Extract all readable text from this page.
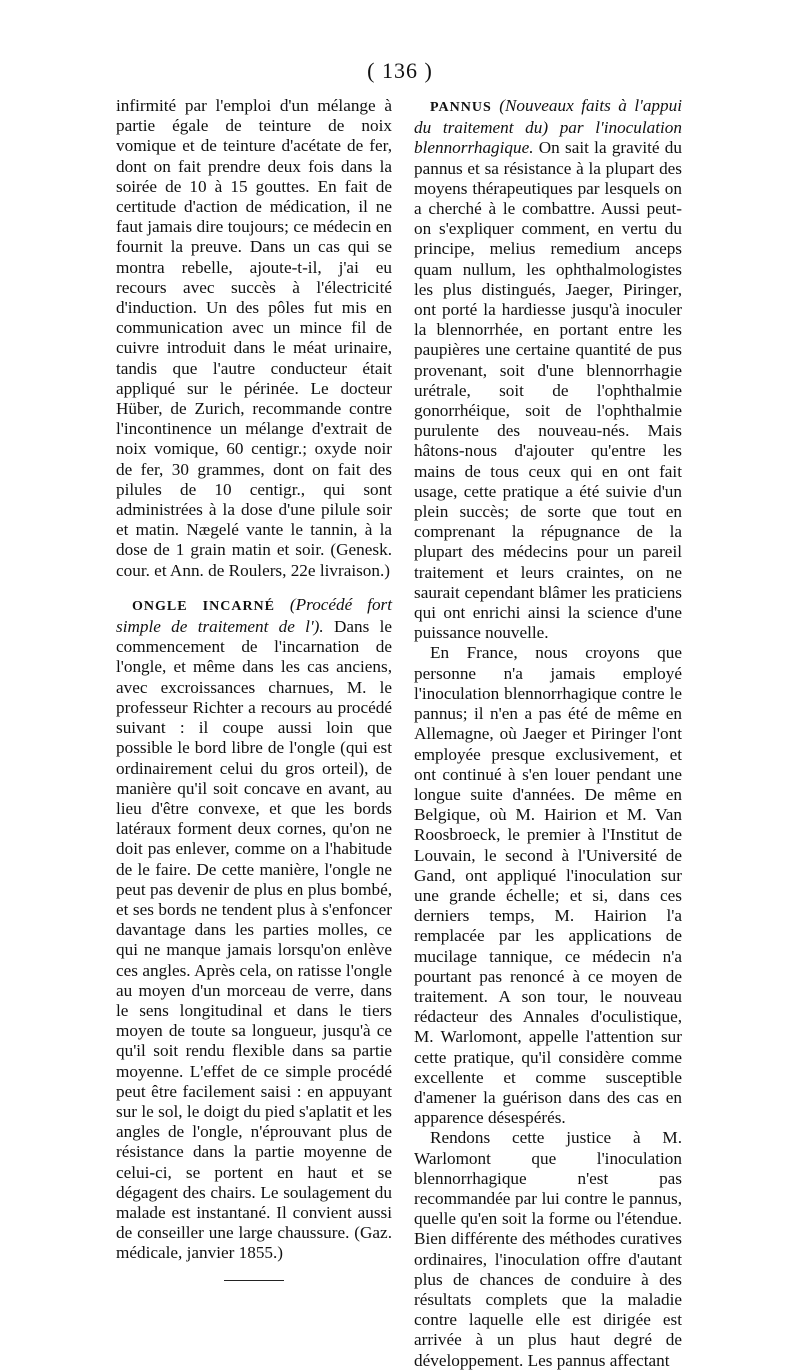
( 136 )

infirmité par l'emploi d'un mélange à partie égale de teinture de noix vomique et de teinture d'acétate de fer, dont on fait prendre deux fois dans la soirée de 10 à 15 gouttes. En fait de certitude d'action de médication, il ne faut jamais dire toujours; ce médecin en fournit la preuve. Dans un cas qui se montra rebelle, ajoute-t-il, j'ai eu recours avec succès à l'électricité d'induction. Un des pôles fut mis en communication avec un mince fil de cuivre introduit dans le méat urinaire, tandis que l'autre conducteur était appliqué sur le périnée. Le docteur Hüber, de Zurich, recommande contre l'incontinence un mélange d'extrait de noix vomique, 60 centigr.; oxyde noir de fer, 30 grammes, dont on fait des pilules de 10 centigr., qui sont administrées à la dose d'une pilule soir et matin. Nægelé vante le tannin, à la dose de 1 grain matin et soir. (Genesk. cour. et Ann. de Roulers, 22e livraison.)

ONGLE INCARNÉ (Procédé fort simple de traitement de l'). Dans le commencement de l'incarnation de l'ongle, et même dans les cas anciens, avec excroissances charnues, M. le professeur Richter a recours au procédé suivant : il coupe aussi loin que possible le bord libre de l'ongle (qui est ordinairement celui du gros orteil), de manière qu'il soit concave en avant, au lieu d'être convexe, et que les bords latéraux forment deux cornes, qu'on ne doit pas enlever, comme on a l'habitude de le faire. De cette manière, l'ongle ne peut pas devenir de plus en plus bombé, et ses bords ne tendent plus à s'enfoncer davantage dans les parties molles, ce qui ne manque jamais lorsqu'on enlève ces angles. Après cela, on ratisse l'ongle au moyen d'un morceau de verre, dans le sens longitudinal et dans le tiers moyen de toute sa longueur, jusqu'à ce qu'il soit rendu flexible dans sa partie moyenne. L'effet de ce simple procédé peut être facilement saisi : en appuyant sur le sol, le doigt du pied s'aplatit et les angles de l'ongle, n'éprouvant plus de résistance dans la partie moyenne de celui-ci, se portent en haut et se dégagent des chairs. Le soulagement du malade est instantané. Il convient aussi de conseiller une large chaussure. (Gaz. médicale, janvier 1855.)

PANNUS (Nouveaux faits à l'appui du traitement du) par l'inoculation blennorrhagique. On sait la gravité du pannus et sa résistance à la plupart des moyens thérapeutiques par lesquels on a cherché à le combattre. Aussi peut-on s'expliquer comment, en vertu du principe, melius remedium anceps quam nullum, les ophthalmologistes les plus distingués, Jaeger, Piringer, ont porté la hardiesse jusqu'à inoculer la blennorrhée, en portant entre les paupières une certaine quantité de pus provenant, soit d'une blennorrhagie urétrale, soit de l'ophthalmie gonorrhéique, soit de l'ophthalmie purulente des nouveau-nés. Mais hâtons-nous d'ajouter qu'entre les mains de tous ceux qui en ont fait usage, cette pratique a été suivie d'un plein succès; de sorte que tout en comprenant la répugnance de la plupart des médecins pour un pareil traitement et leurs craintes, on ne saurait cependant blâmer les praticiens qui ont enrichi ainsi la science d'une puissance nouvelle.

En France, nous croyons que personne n'a jamais employé l'inoculation blennorrhagique contre le pannus; il n'en a pas été de même en Allemagne, où Jaeger et Piringer l'ont employée presque exclusivement, et ont continué à s'en louer pendant une longue suite d'années. De même en Belgique, où M. Hairion et M. Van Roosbroeck, le premier à l'Institut de Louvain, le second à l'Université de Gand, ont appliqué l'inoculation sur une grande échelle; et si, dans ces derniers temps, M. Hairion l'a remplacée par les applications de mucilage tannique, ce médecin n'a pourtant pas renoncé à ce moyen de traitement. A son tour, le nouveau rédacteur des Annales d'oculistique, M. Warlomont, appelle l'attention sur cette pratique, qu'il considère comme excellente et comme susceptible d'amener la guérison dans des cas en apparence désespérés.

Rendons cette justice à M. Warlomont que l'inoculation blennorrhagique n'est pas recommandée par lui contre le pannus, quelle qu'en soit la forme ou l'étendue. Bien différente des méthodes curatives ordinaires, l'inoculation offre d'autant plus de chances de conduire à des résultats complets que la maladie contre laquelle elle est dirigée est arrivée à un plus haut degré de développement. Les pannus affectant
